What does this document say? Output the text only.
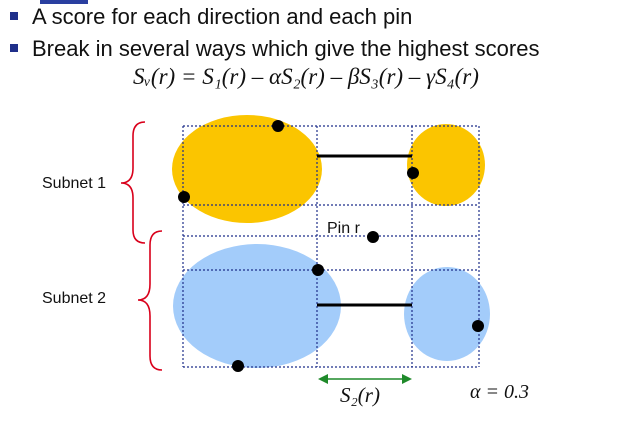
A score for each direction and each pin
Break in several ways which give the highest scores
Sᵥ(r) = S₁(r) – αS₂(r) – βS₃(r) – γS₄(r)
Subnet 1
Subnet 2
Pin r
S₂(r)	α = 0.3
